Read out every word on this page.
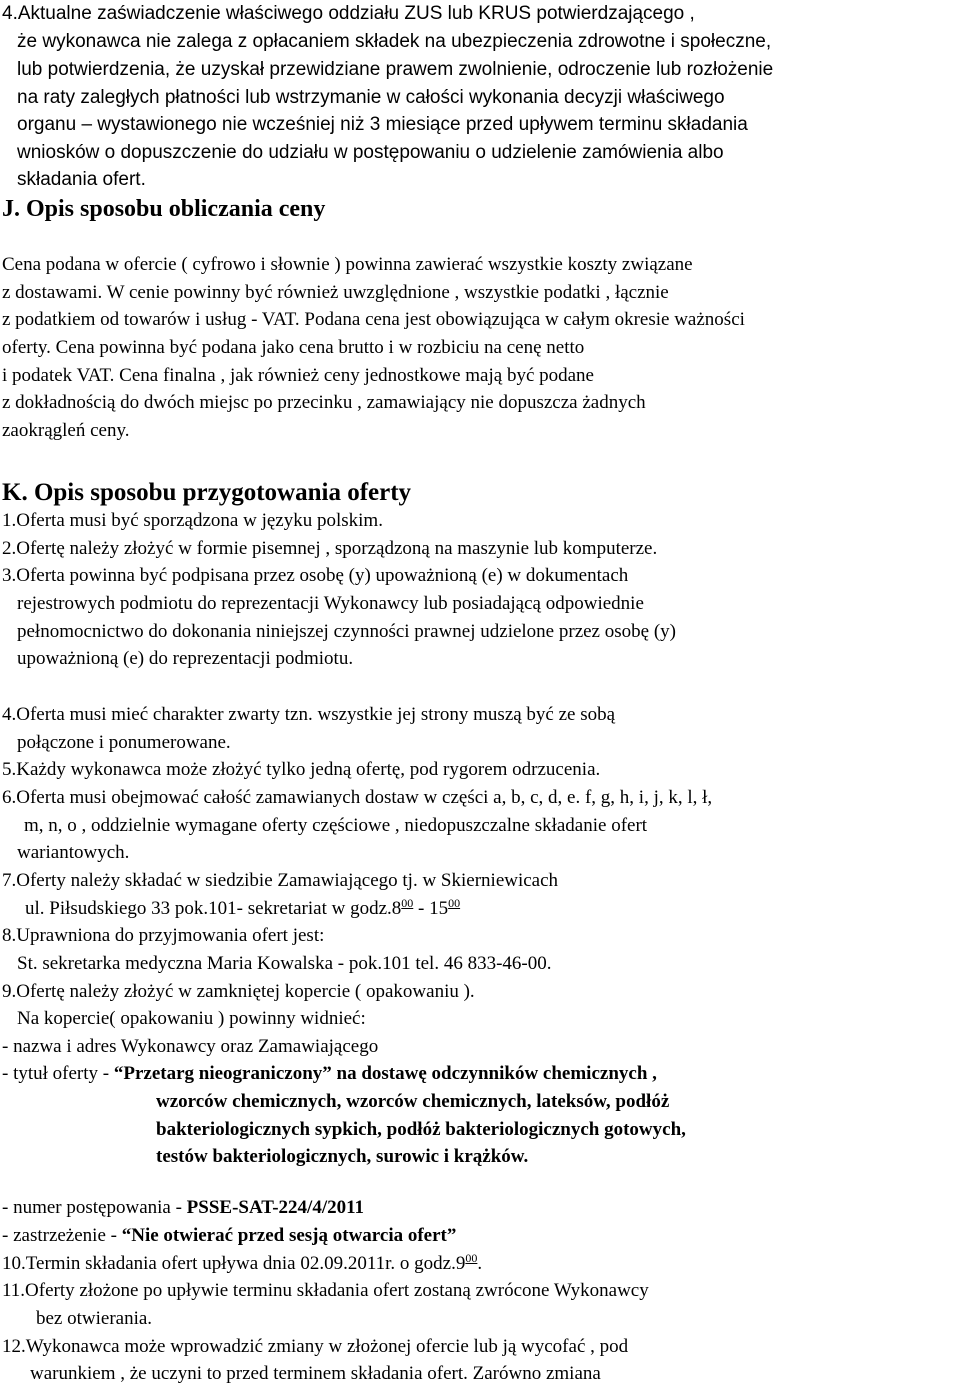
4.Aktualne zaświadczenie właściwego oddziału ZUS lub KRUS potwierdzającego ,
że wykonawca nie zalega z opłacaniem składek na ubezpieczenia zdrowotne i społeczne,
lub potwierdzenia, że uzyskał przewidziane prawem zwolnienie, odroczenie lub rozłożenie
na raty zaległych płatności lub wstrzymanie w całości wykonania decyzji właściwego
organu – wystawionego nie wcześniej niż 3 miesiące przed upływem terminu składania
wniosków o dopuszczenie do udziału w postępowaniu o udzielenie zamówienia albo
składania ofert.
J. Opis sposobu obliczania ceny
Cena podana w ofercie ( cyfrowo i słownie ) powinna zawierać wszystkie koszty związane
z dostawami. W cenie powinny być również uwzględnione , wszystkie podatki , łącznie
z podatkiem od towarów i usług - VAT. Podana cena jest obowiązująca w całym okresie ważności
oferty. Cena powinna być podana jako cena brutto i w rozbiciu na cenę netto
i podatek VAT. Cena finalna , jak również ceny jednostkowe mają być podane
z dokładnością do dwóch miejsc po przecinku , zamawiający nie dopuszcza żadnych
zaokrągleń ceny.
K. Opis sposobu przygotowania oferty
1.Oferta musi być sporządzona w języku polskim.
2.Ofertę należy złożyć w formie pisemnej , sporządzoną na maszynie lub komputerze.
3.Oferta powinna być podpisana przez osobę (y) upoważnioną (e) w dokumentach
rejestrowych podmiotu do reprezentacji Wykonawcy lub posiadającą odpowiednie
pełnomocnictwo do dokonania niniejszej czynności prawnej udzielone przez osobę (y)
upoważnioną (e) do reprezentacji podmiotu.
4.Oferta musi mieć charakter zwarty tzn. wszystkie jej strony muszą być ze sobą
połączone i ponumerowane.
5.Każdy wykonawca może złożyć tylko jedną ofertę, pod rygorem odrzucenia.
6.Oferta musi obejmować całość zamawianych dostaw w części a, b, c, d, e. f, g, h, i, j, k, l, ł,
m, n, o , oddzielnie wymagane oferty częściowe , niedopuszczalne składanie ofert
wariantowych.
7.Oferty należy składać w siedzibie Zamawiającego tj. w Skierniewicach
ul. Piłsudskiego 33 pok.101- sekretariat w $godz.8^{00} - 15^{00}$
8.Uprawniona do przyjmowania ofert jest:
St. sekretarka medyczna Maria Kowalska - pok.101 tel. 46 833-46-00.
9.Ofertę należy złożyć w zamkniętej kopercie ( opakowaniu ).
Na kopercie( opakowaniu ) powinny widnieć:
- nazwa i adres Wykonawcy oraz Zamawiającego
- tytuł oferty - “Przetarg nieograniczony” na dostawę odczynników chemicznych ,
wzorców chemicznych, wzorców chemicznych, lateksów, podłóż
bakteriologicznych sypkich, podłóż bakteriologicznych gotowych,
testów bakteriologicznych, surowic i krążków.
- numer postępowania - PSSE-SAT-224/4/2011
- zastrzeżenie - “Nie otwierać przed sesją otwarcia ofert”
10.Termin składania ofert upływa dnia 02.09.2011r. o $godz.9^{00}$.
11.Oferty złożone po upływie terminu składania ofert zostaną zwrócone Wykonawcy
bez otwierania.
12.Wykonawca może wprowadzić zmiany w złożonej ofercie lub ją wycofać , pod
warunkiem , że uczyni to przed terminem składania ofert. Zarówno zmiana
